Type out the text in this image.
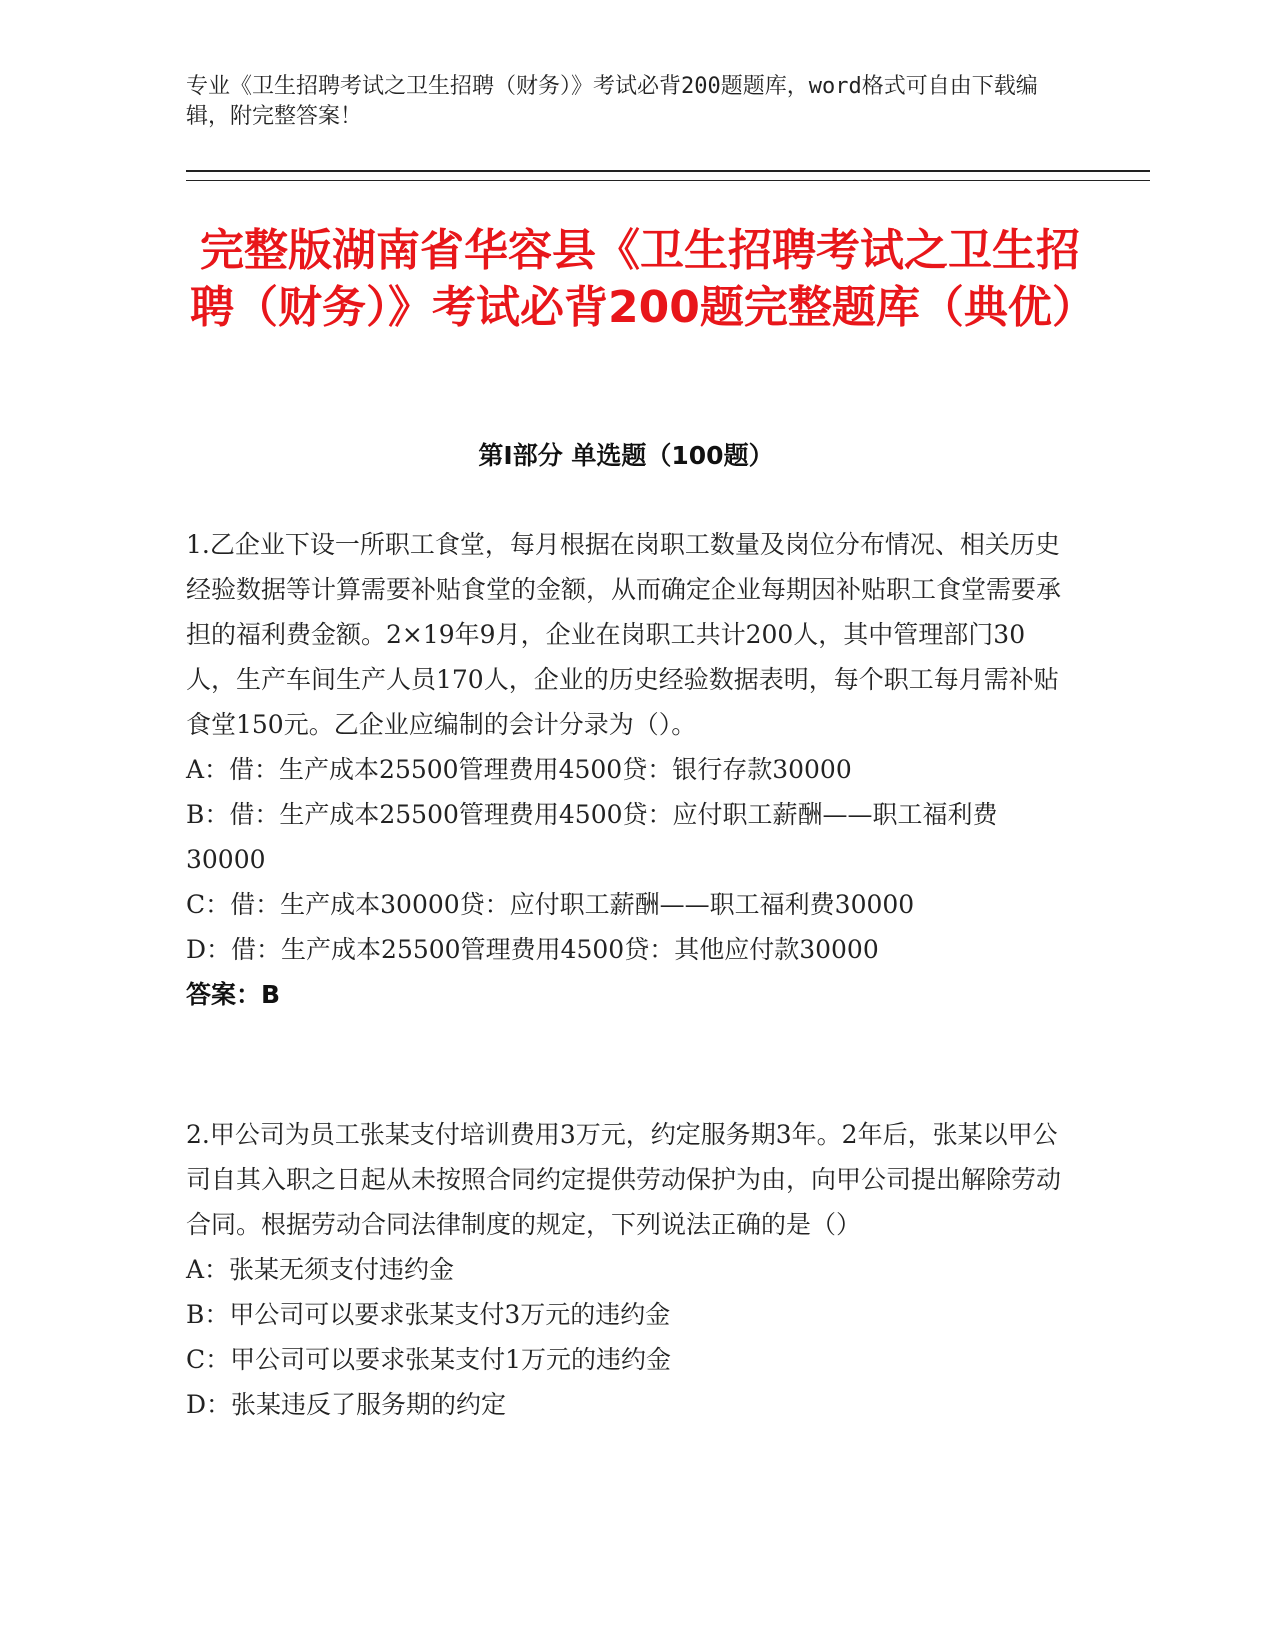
专业《卫生招聘考试之卫生招聘（财务）》考试必背200题题库，word格式可自由下载编辑，附完整答案！
完整版湖南省华容县《卫生招聘考试之卫生招聘（财务）》考试必背200题完整题库（典优）
第Ⅰ部分 单选题（100题）

1.乙企业下设一所职工食堂，每月根据在岗职工数量及岗位分布情况、相关历史经验数据等计算需要补贴食堂的金额，从而确定企业每期因补贴职工食堂需要承担的福利费金额。2×19年9月，企业在岗职工共计200人，其中管理部门30人，生产车间生产人员170人，企业的历史经验数据表明，每个职工每月需补贴食堂150元。乙企业应编制的会计分录为（）。

A：借：生产成本25500管理费用4500贷：银行存款30000

B：借：生产成本25500管理费用4500贷：应付职工薪酬——职工福利费30000

C：借：生产成本30000贷：应付职工薪酬——职工福利费30000

D：借：生产成本25500管理费用4500贷：其他应付款30000

答案：B

2.甲公司为员工张某支付培训费用3万元，约定服务期3年。2年后，张某以甲公司自其入职之日起从未按照合同约定提供劳动保护为由，向甲公司提出解除劳动合同。根据劳动合同法律制度的规定，下列说法正确的是（）

A：张某无须支付违约金

B：甲公司可以要求张某支付3万元的违约金

C：甲公司可以要求张某支付1万元的违约金

D：张某违反了服务期的约定
